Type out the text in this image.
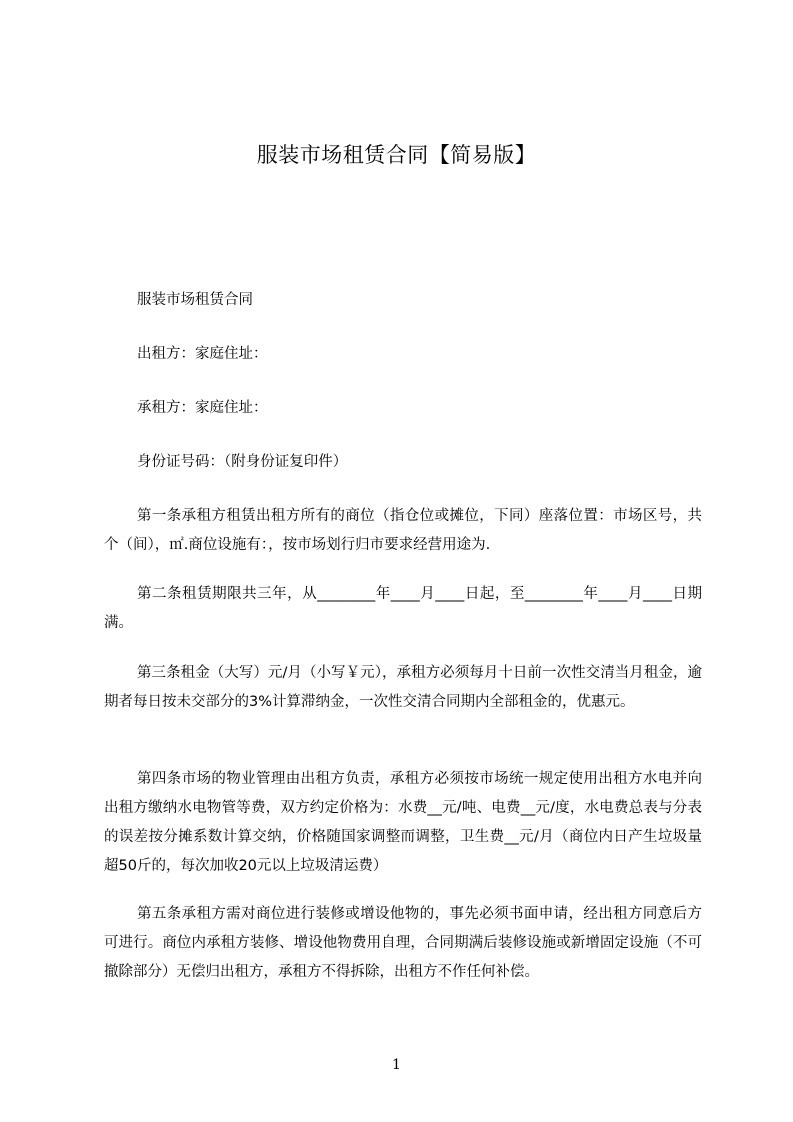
服装市场租赁合同【简易版】

服装市场租赁合同

出租方：家庭住址：

承租方：家庭住址：

身份证号码：（附身份证复印件）

第一条承租方租赁出租方所有的商位（指仓位或摊位，下同）座落位置：市场区号，共个（间），㎡.商位设施有：，按市场划行归市要求经营用途为.

第二条租赁期限共三年，从________年____月____日起，至________年____月____日期满。

第三条租金（大写）元/月（小写￥元），承租方必须每月十日前一次性交清当月租金，逾期者每日按未交部分的3%计算滞纳金，一次性交清合同期内全部租金的，优惠元。

第四条市场的物业管理由出租方负责，承租方必须按市场统一规定使用出租方水电并向出租方缴纳水电物管等费，双方约定价格为：水费__元/吨、电费__元/度，水电费总表与分表的误差按分摊系数计算交纳，价格随国家调整而调整，卫生费__元/月（商位内日产生垃圾量超50斤的，每次加收20元以上垃圾清运费）

第五条承租方需对商位进行装修或增设他物的，事先必须书面申请，经出租方同意后方可进行。商位内承租方装修、增设他物费用自理，合同期满后装修设施或新增固定设施（不可撤除部分）无偿归出租方，承租方不得拆除，出租方不作任何补偿。

1
